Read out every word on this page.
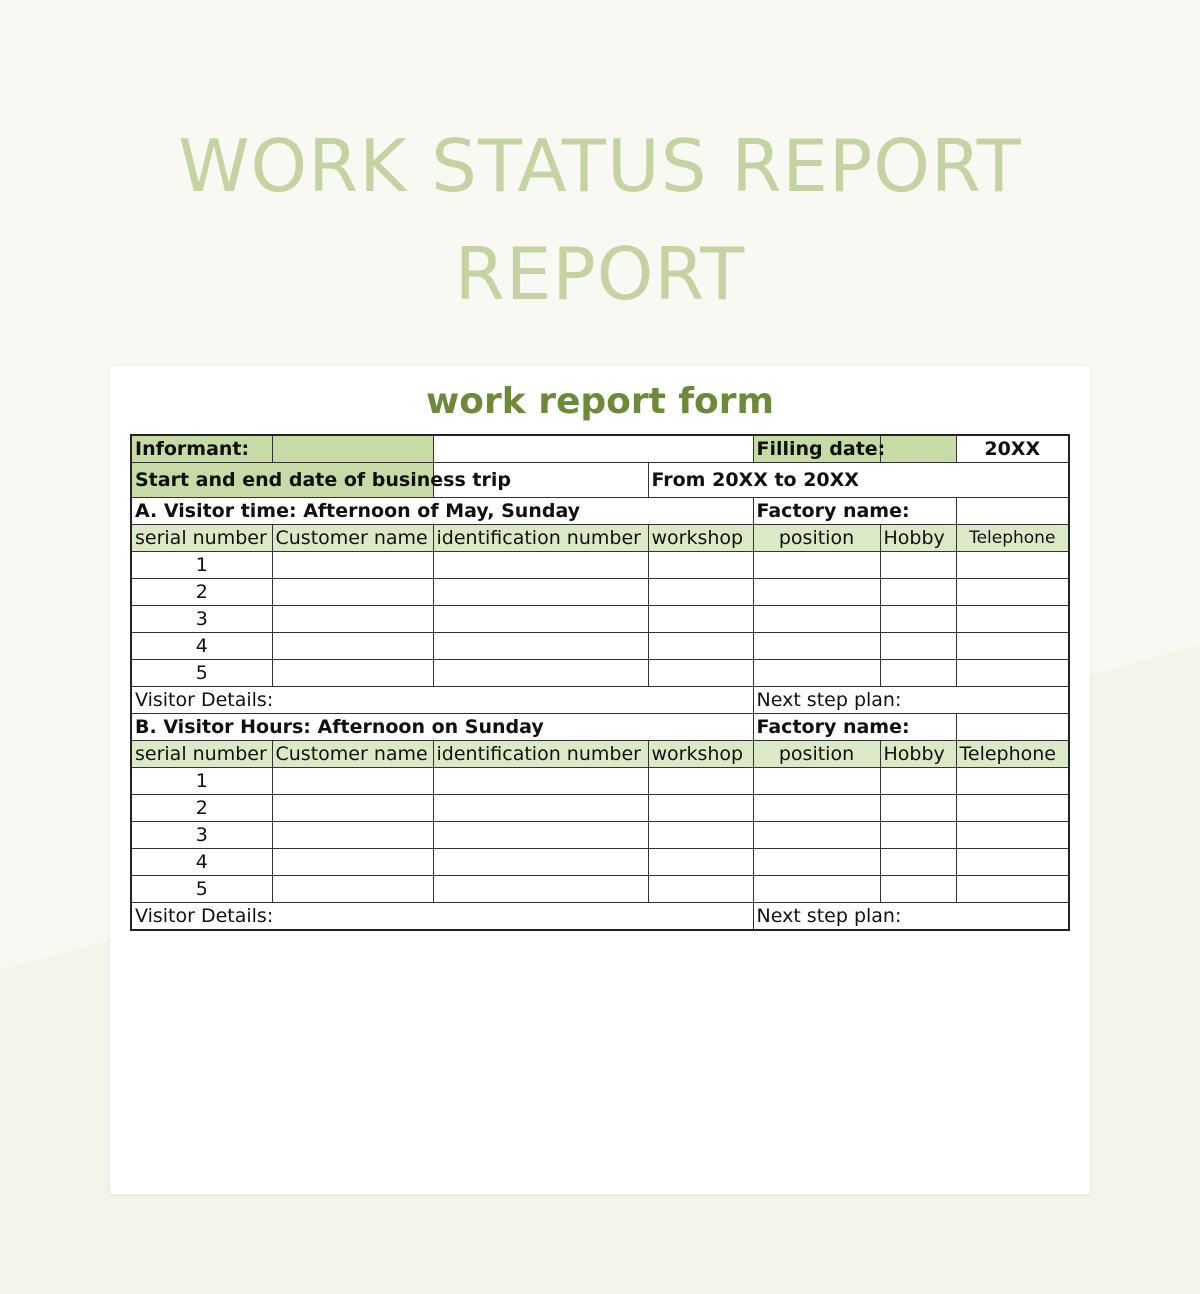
WORK STATUS REPORT
REPORT
work report form
Informant:				Filling date:		20XX
Start and end date of business trip			From 20XX to 20XX			
A. Visitor time: Afternoon of May, Sunday				Factory name:		
serial number	Customer name	identification number	workshop	position	Hobby	Telephone
1						
2						
3						
4						
5						
Visitor Details:				Next step plan:		
B. Visitor Hours: Afternoon on Sunday				Factory name:		
serial number	Customer name	identification number	workshop	position	Hobby	Telephone
1						
2						
3						
4						
5						
Visitor Details:				Next step plan:		
